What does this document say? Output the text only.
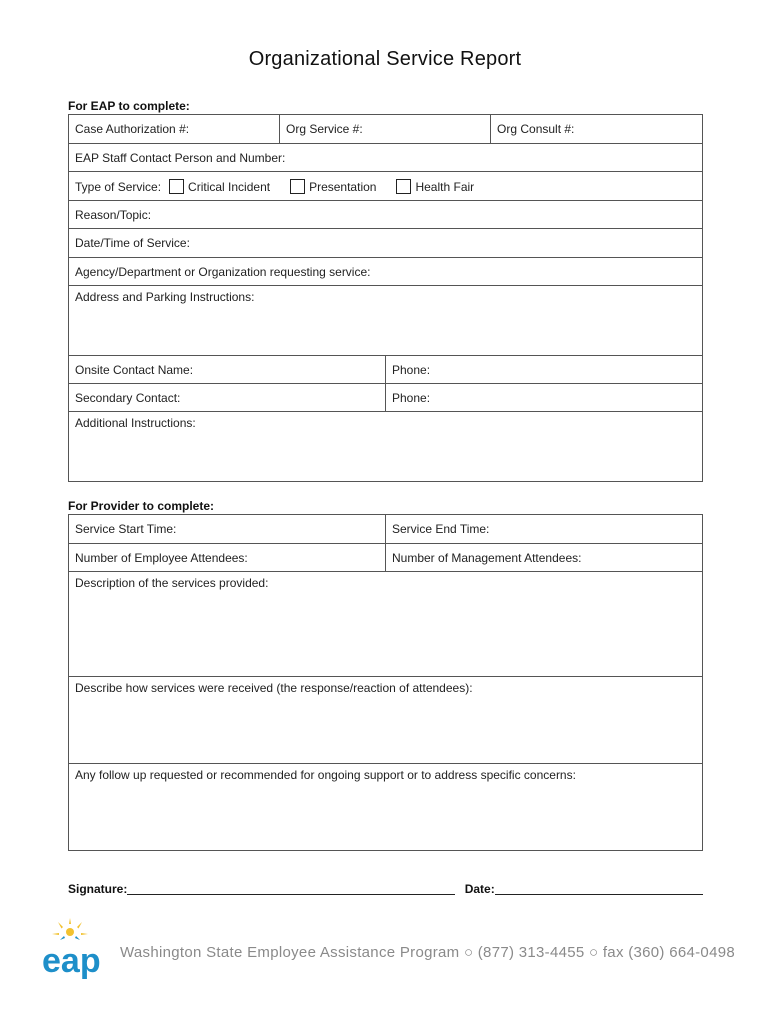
Organizational Service Report
For EAP to complete:
Case Authorization #:	Org Service #:		Org Consult #:
EAP Staff Contact Person and Number:			
Type of Service: Critical Incident Presentation Health Fair			
Reason/Topic:			
Date/Time of Service:			
Agency/Department or Organization requesting service:			
Address and Parking Instructions:			
Onsite Contact Name:		Phone:	
Secondary Contact:		Phone:	
Additional Instructions:			
For Provider to complete:
Service Start Time:	Service End Time:
Number of Employee Attendees:	Number of Management Attendees:
Description of the services provided:	
Describe how services were received (the response/reaction of attendees):	
Any follow up requested or recommended for ongoing support or to address specific concerns:	
Signature:	Date:
eap Washington State Employee Assistance Program ○ (877) 313-4455 ○ fax (360) 664-0498
